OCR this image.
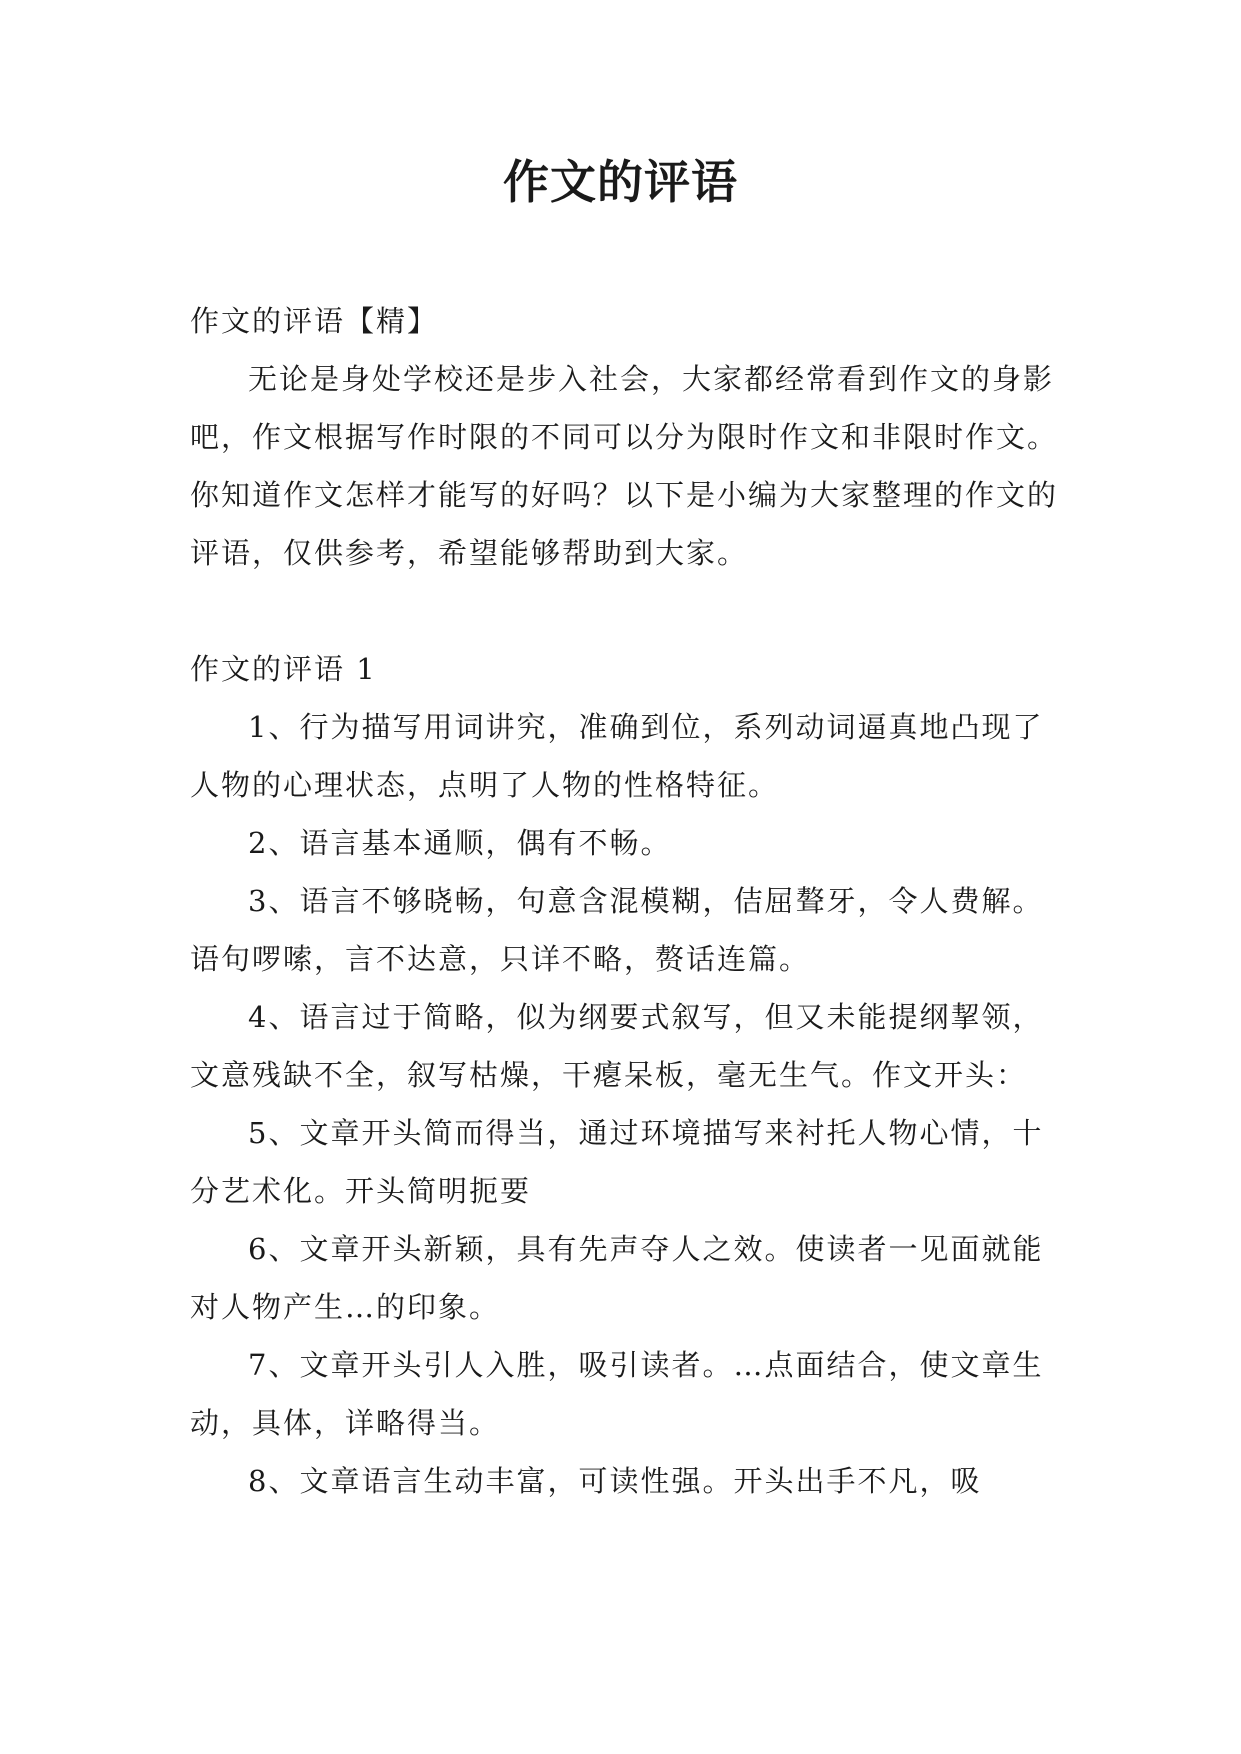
作文的评语

作文的评语【精】

无论是身处学校还是步入社会，大家都经常看到作文的身影吧，作文根据写作时限的不同可以分为限时作文和非限时作文。你知道作文怎样才能写的好吗？以下是小编为大家整理的作文的评语，仅供参考，希望能够帮助到大家。

作文的评语 1

1、行为描写用词讲究，准确到位，系列动词逼真地凸现了人物的心理状态，点明了人物的性格特征。

2、语言基本通顺，偶有不畅。

3、语言不够晓畅，句意含混模糊，佶屈聱牙，令人费解。语句啰嗦，言不达意，只详不略，赘话连篇。

4、语言过于简略，似为纲要式叙写，但又未能提纲挈领，文意残缺不全，叙写枯燥，干瘪呆板，毫无生气。作文开头：

5、文章开头简而得当，通过环境描写来衬托人物心情，十分艺术化。开头简明扼要

6、文章开头新颖，具有先声夺人之效。使读者一见面就能对人物产生…的印象。

7、文章开头引人入胜，吸引读者。…点面结合，使文章生动，具体，详略得当。

8、文章语言生动丰富，可读性强。开头出手不凡，吸
